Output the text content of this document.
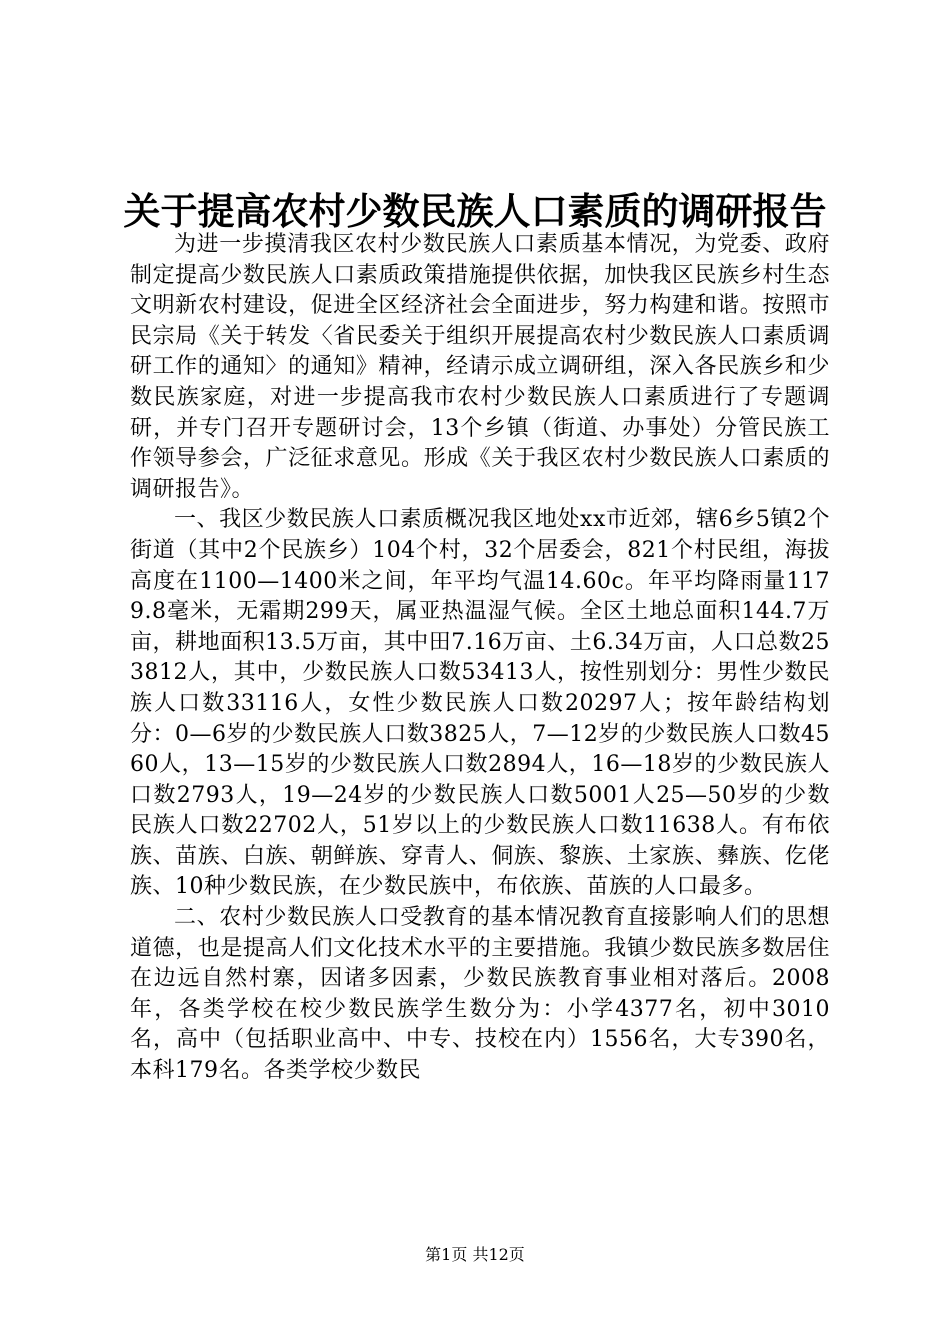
关于提高农村少数民族人口素质的调研报告

为进一步摸清我区农村少数民族人口素质基本情况，为党委、政府制定提高少数民族人口素质政策措施提供依据，加快我区民族乡村生态文明新农村建设，促进全区经济社会全面进步，努力构建和谐。按照市民宗局《关于转发〈省民委关于组织开展提高农村少数民族人口素质调研工作的通知〉的通知》精神，经请示成立调研组，深入各民族乡和少数民族家庭，对进一步提高我市农村少数民族人口素质进行了专题调研，并专门召开专题研讨会，13个乡镇（街道、办事处）分管民族工作领导参会，广泛征求意见。形成《关于我区农村少数民族人口素质的调研报告》。

一、我区少数民族人口素质概况我区地处xx市近郊，辖6乡5镇2个街道（其中2个民族乡）104个村，32个居委会，821个村民组，海拔高度在1100—1400米之间，年平均气温14.60c。年平均降雨量1179.8毫米，无霜期299天，属亚热温湿气候。全区土地总面积144.7万亩，耕地面积13.5万亩，其中田7.16万亩、土6.34万亩，人口总数253812人，其中，少数民族人口数53413人，按性别划分：男性少数民族人口数33116人，女性少数民族人口数20297人；按年龄结构划分：0—6岁的少数民族人口数3825人，7—12岁的少数民族人口数4560人，13—15岁的少数民族人口数2894人，16—18岁的少数民族人口数2793人，19—24岁的少数民族人口数5001人25—50岁的少数民族人口数22702人，51岁以上的少数民族人口数11638人。有布依族、苗族、白族、朝鲜族、穿青人、侗族、黎族、土家族、彝族、仡佬族、10种少数民族，在少数民族中，布依族、苗族的人口最多。

二、农村少数民族人口受教育的基本情况教育直接影响人们的思想道德，也是提高人们文化技术水平的主要措施。我镇少数民族多数居住在边远自然村寨，因诸多因素，少数民族教育事业相对落后。2008年，各类学校在校少数民族学生数分为：小学4377名，初中3010名，高中（包括职业高中、中专、技校在内）1556名，大专390名，本科179名。各类学校少数民

第1页 共12页
